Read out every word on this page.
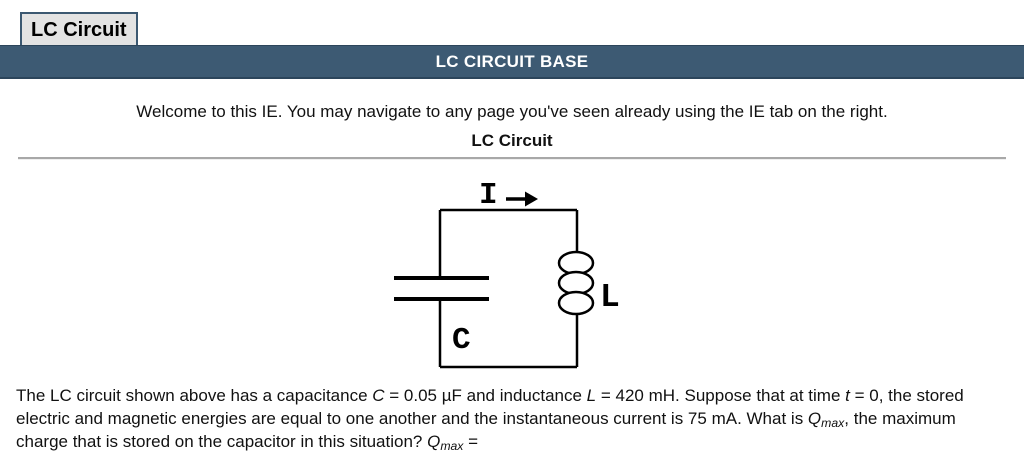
LC Circuit
LC CIRCUIT BASE

Welcome to this IE. You may navigate to any page you've seen already using the IE tab on the right.

LC Circuit

I
C
L

The LC circuit shown above has a capacitance C = 0.05 µF and inductance L = 420 mH. Suppose that at time t = 0, the stored electric and magnetic energies are equal to one another and the instantaneous current is 75 mA. What is $Q_{max}$, the maximum charge that is stored on the capacitor in this situation? $Q_{max}$ =
